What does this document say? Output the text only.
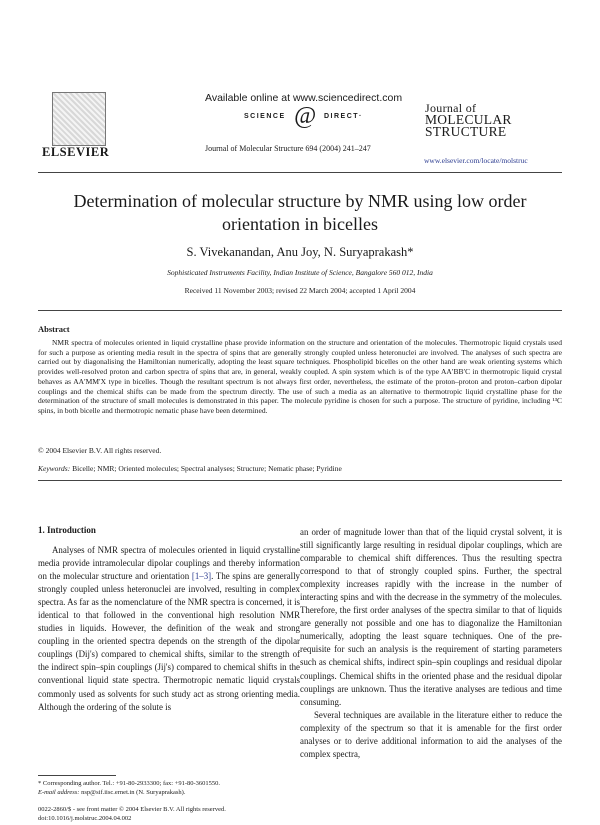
ELSEVIER
Available online at www.sciencedirect.com
SCIENCE @ DIRECT·
Journal of Molecular Structure 694 (2004) 241–247
Journal of
MOLECULAR
STRUCTURE
www.elsevier.com/locate/molstruc
Determination of molecular structure by NMR using low order
orientation in bicelles
S. Vivekanandan, Anu Joy, N. Suryaprakash*
Sophisticated Instruments Facility, Indian Institute of Science, Bangalore 560 012, India
Received 11 November 2003; revised 22 March 2004; accepted 1 April 2004
Abstract

NMR spectra of molecules oriented in liquid crystalline phase provide information on the structure and orientation of the molecules. Thermotropic liquid crystals used for such a purpose as orienting media result in the spectra of spins that are generally strongly coupled unless heteronuclei are involved. The analyses of such spectra are carried out by diagonalising the Hamiltonian numerically, adopting the least square techniques. Phospholipid bicelles on the other hand are weak orienting systems which provides well-resolved proton and carbon spectra of spins that are, in general, weakly coupled. A spin system which is of the type AA′BB′C in thermotropic liquid crystal behaves as AA′MM′X type in bicelles. Though the resultant spectrum is not always first order, nevertheless, the estimate of the proton–proton and proton–carbon dipolar couplings and the chemical shifts can be made from the spectrum directly. The use of such a media as an alternative to thermotropic liquid crystalline phase for the determination of the structure of small molecules is demonstrated in this paper. The molecule pyridine is chosen for such a purpose. The structure of pyridine, including ¹³C spins, in both bicelle and thermotropic nematic phase have been determined.

© 2004 Elsevier B.V. All rights reserved.
Keywords: Bicelle; NMR; Oriented molecules; Spectral analyses; Structure; Nematic phase; Pyridine
1. Introduction

Analyses of NMR spectra of molecules oriented in liquid crystalline media provide intramolecular dipolar couplings and thereby information on the molecular structure and orientation [1–3]. The spins are generally strongly coupled unless heteronuclei are involved, resulting in complex spectra. As far as the nomenclature of the NMR spectra is concerned, it is identical to that followed in the conventional high resolution NMR studies in liquids. However, the definition of the weak and strong coupling in the oriented spectra depends on the strength of the dipolar couplings (Dij's) compared to chemical shifts, similar to the strength of the indirect spin–spin couplings (Jij's) compared to chemical shifts in the conventional liquid state spectra. Thermotropic nematic liquid crystals commonly used as solvents for such study act as strong orienting media. Although the ordering of the solute is

an order of magnitude lower than that of the liquid crystal solvent, it is still significantly large resulting in residual dipolar couplings, which are comparable to chemical shift differences. Thus the resulting spectra correspond to that of strongly coupled spins. Further, the spectral complexity increases rapidly with the increase in the number of interacting spins and with the decrease in the symmetry of the molecules. Therefore, the first order analyses of the spectra similar to that of liquids are generally not possible and one has to diagonalize the Hamiltonian numerically, adopting the least square techniques. One of the pre-requisite for such an analysis is the requirement of starting parameters such as chemical shifts, indirect spin–spin couplings and residual dipolar couplings. Chemical shifts in the oriented phase and the residual dipolar couplings are unknown. Thus the iterative analyses are tedious and time consuming.

Several techniques are available in the literature either to reduce the complexity of the spectrum so that it is amenable for the first order analyses or to derive additional information to aid the analyses of the complex spectra,

* Corresponding author. Tel.: +91-80-2933300; fax: +91-80-3601550.
E-mail address: nsp@sif.iisc.ernet.in (N. Suryaprakash).
0022-2860/$ - see front matter © 2004 Elsevier B.V. All rights reserved.
doi:10.1016/j.molstruc.2004.04.002
